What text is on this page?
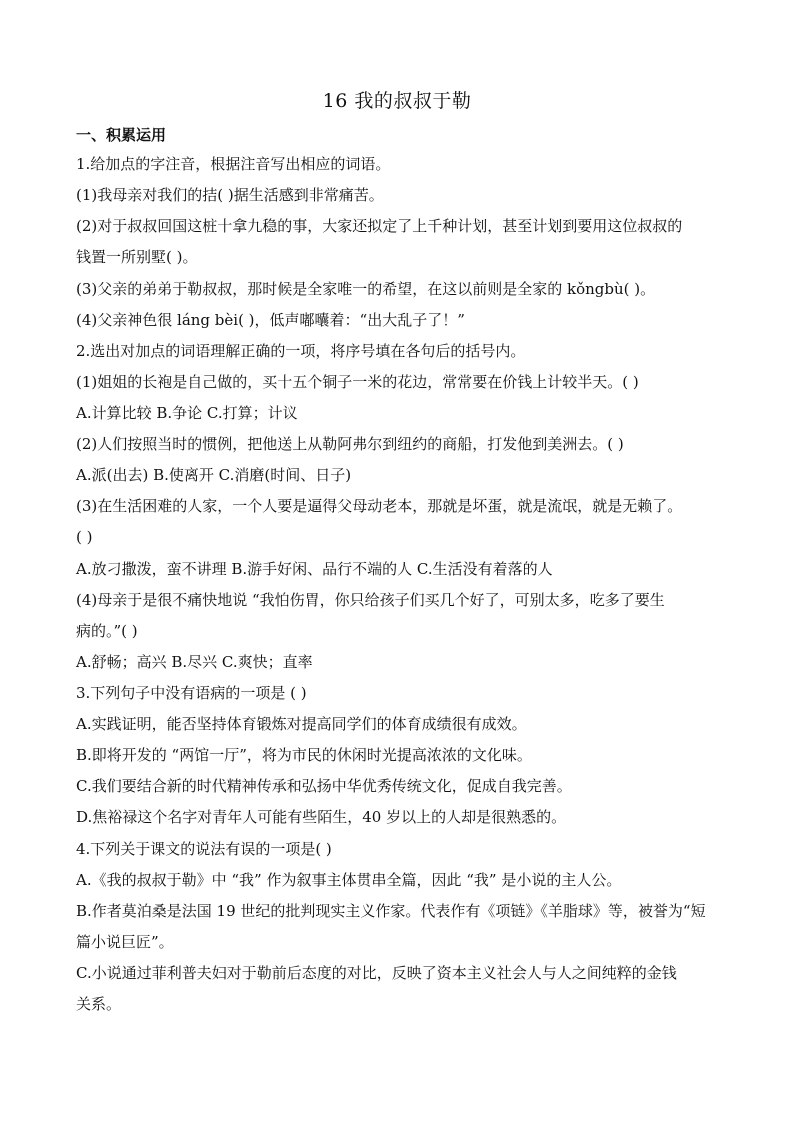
16 我的叔叔于勒
一、积累运用
1.给加点的字注音，根据注音写出相应的词语。
(1)我母亲对我们的拮( )据生活感到非常痛苦。
(2)对于叔叔回国这桩十拿九稳的事，大家还拟定了上千种计划，甚至计划到要用这位叔叔的
钱置一所别墅( )。
(3)父亲的弟弟于勒叔叔，那时候是全家唯一的希望，在这以前则是全家的 kǒngbù( )。
(4)父亲神色很 láng bèi( )，低声嘟囔着：“出大乱子了！”
2.选出对加点的词语理解正确的一项，将序号填在各句后的括号内。
(1)姐姐的长袍是自己做的，买十五个铜子一米的花边，常常要在价钱上计较半天。( )
A.计算比较 B.争论 C.打算；计议
(2)人们按照当时的惯例，把他送上从勒阿弗尔到纽约的商船，打发他到美洲去。( )
A.派(出去) B.使离开 C.消磨(时间、日子)
(3)在生活困难的人家，一个人要是逼得父母动老本，那就是坏蛋，就是流氓，就是无赖了。
( )
A.放刁撒泼，蛮不讲理 B.游手好闲、品行不端的人 C.生活没有着落的人
(4)母亲于是很不痛快地说 “我怕伤胃，你只给孩子们买几个好了，可别太多，吃多了要生
病的。”( )
A.舒畅；高兴 B.尽兴 C.爽快；直率
3.下列句子中没有语病的一项是 ( )
A.实践证明，能否坚持体育锻炼对提高同学们的体育成绩很有成效。
B.即将开发的 “两馆一厅”，将为市民的休闲时光提高浓浓的文化味。
C.我们要结合新的时代精神传承和弘扬中华优秀传统文化，促成自我完善。
D.焦裕禄这个名字对青年人可能有些陌生，40 岁以上的人却是很熟悉的。
4.下列关于课文的说法有误的一项是( )
A.《我的叔叔于勒》中 “我” 作为叙事主体贯串全篇，因此 “我” 是小说的主人公。
B.作者莫泊桑是法国 19 世纪的批判现实主义作家。代表作有《项链》《羊脂球》等，被誉为“短
篇小说巨匠”。
C.小说通过菲利普夫妇对于勒前后态度的对比，反映了资本主义社会人与人之间纯粹的金钱
关系。
